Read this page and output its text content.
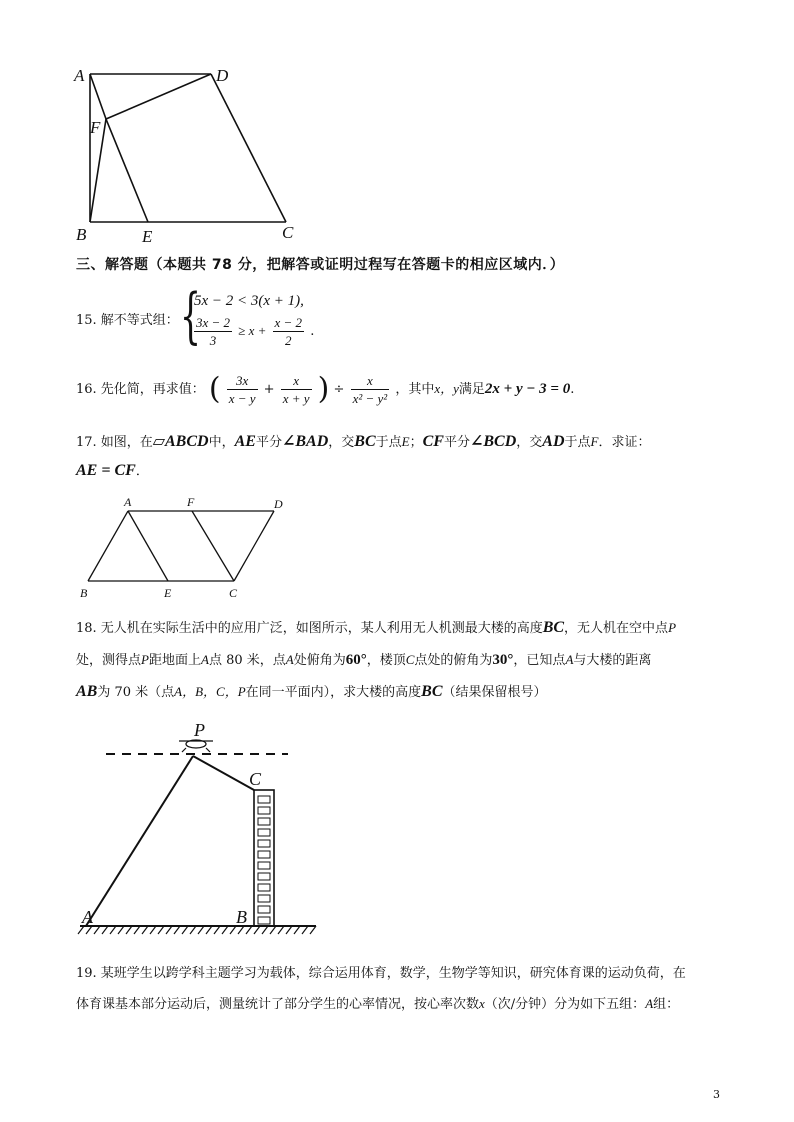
A	D
F
B	E	C
三、解答题（本题共 78 分，把解答或证明过程写在答题卡的相应区域内．）
15. 解不等式组： {
5x − 2 < 3(x + 1),
$\frac{3x - 2}{3} \ge x + \frac{x - 2}{2}$ .
16. 先化简，再求值： ( $\frac{3x}{x - y} + \frac{x}{x + y}$ ) ÷ $\frac{x}{\text{x² − y²}}$ ，其中x，y满足2x + y − 3 = 0.
17. 如图，在▱ABCD中，AE平分∠BAD，交BC于点E；CF平分∠BCD，交AD于点F．求证：
AE = CF．
A	F	D
B	E	C
18. 无人机在实际生活中的应用广泛，如图所示，某人利用无人机测最大楼的高度BC，无人机在空中点P
处，测得点P距地面上A点 80 米，点A处俯角为60°，楼顶C点处的俯角为30°，已知点A与大楼的距离
AB为 70 米（点A，B，C，P在同一平面内），求大楼的高度BC（结果保留根号）
P
C
A	B
19. 某班学生以跨学科主题学习为载体，综合运用体育，数学，生物学等知识，研究体育课的运动负荷，在
体育课基本部分运动后，测量统计了部分学生的心率情况，按心率次数x（次/分钟）分为如下五组：A组：
3
